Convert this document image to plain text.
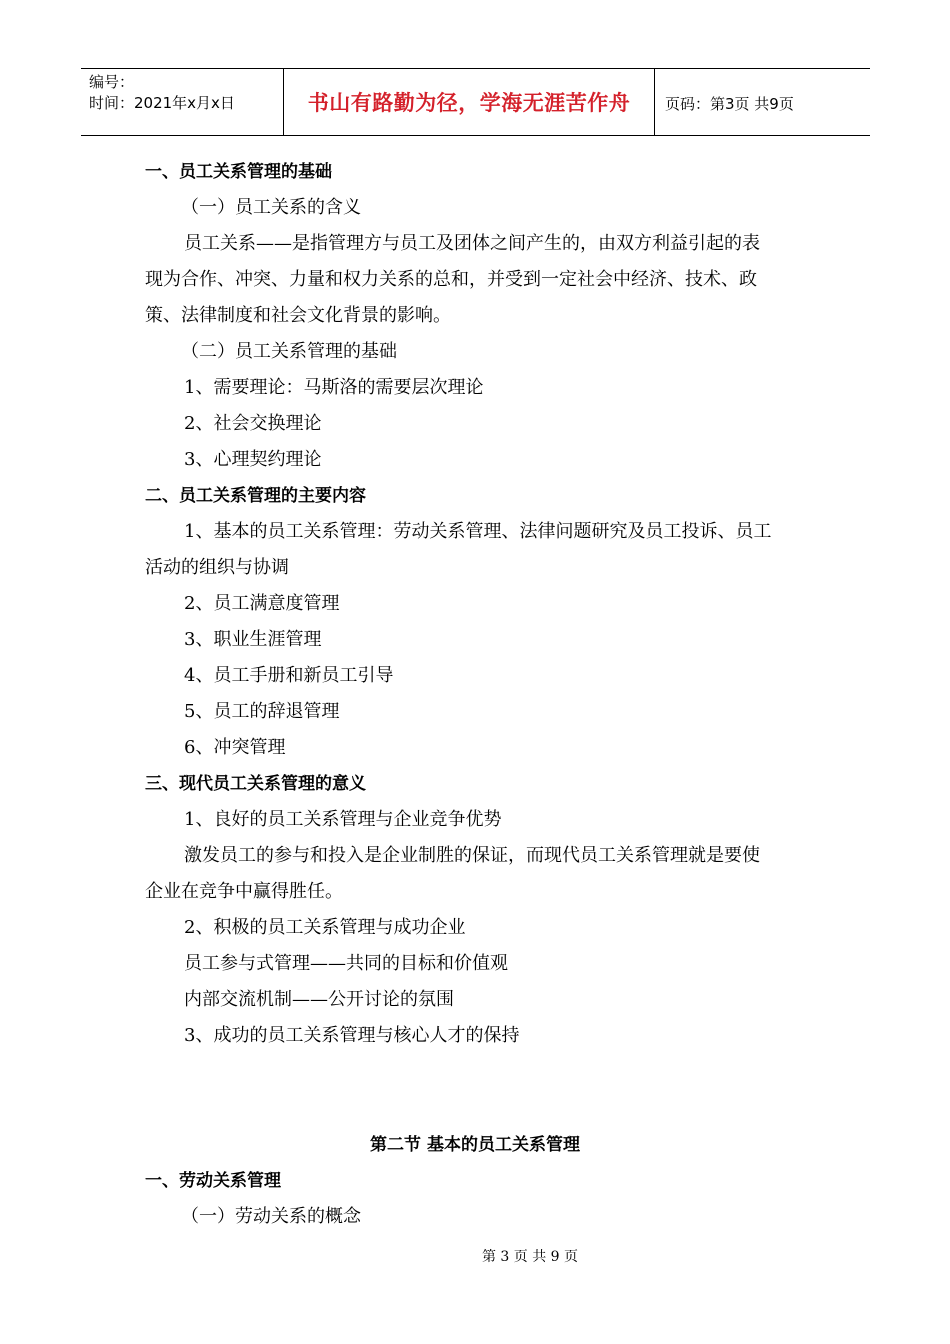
编号：
时间：2021年x月x日	书山有路勤为径，学海无涯苦作舟	页码：第3页 共9页
一、员工关系管理的基础
（一）员工关系的含义
员工关系——是指管理方与员工及团体之间产生的，由双方利益引起的表
现为合作、冲突、力量和权力关系的总和，并受到一定社会中经济、技术、政
策、法律制度和社会文化背景的影响。
（二）员工关系管理的基础
1、需要理论：马斯洛的需要层次理论
2、社会交换理论
3、心理契约理论
二、员工关系管理的主要内容
1、基本的员工关系管理：劳动关系管理、法律问题研究及员工投诉、员工
活动的组织与协调
2、员工满意度管理
3、职业生涯管理
4、员工手册和新员工引导
5、员工的辞退管理
6、冲突管理
三、现代员工关系管理的意义
1、良好的员工关系管理与企业竞争优势
激发员工的参与和投入是企业制胜的保证，而现代员工关系管理就是要使
企业在竞争中赢得胜任。
2、积极的员工关系管理与成功企业
员工参与式管理——共同的目标和价值观
内部交流机制——公开讨论的氛围
3、成功的员工关系管理与核心人才的保持
第二节 基本的员工关系管理
一、劳动关系管理
（一）劳动关系的概念
第 3 页 共 9 页
